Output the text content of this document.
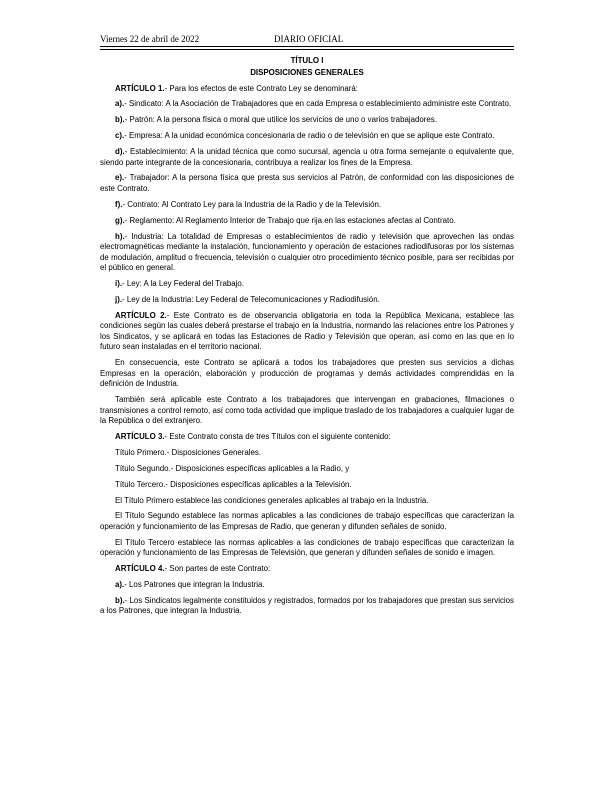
Viernes 22 de abril de 2022	DIARIO OFICIAL
TÍTULO I
DISPOSICIONES GENERALES
ARTÍCULO 1.- Para los efectos de este Contrato Ley se denominará:
a).- Sindicato: A la Asociación de Trabajadores que en cada Empresa o establecimiento administre este Contrato.
b).- Patrón: A la persona física o moral que utilice los servicios de uno o varios trabajadores.
c).- Empresa: A la unidad económica concesionaria de radio o de televisión en que se aplique este Contrato.
d).- Establecimiento: A la unidad técnica que como sucursal, agencia u otra forma semejante o equivalente que, siendo parte integrante de la concesionaria, contribuya a realizar los fines de la Empresa.
e).- Trabajador: A la persona física que presta sus servicios al Patrón, de conformidad con las disposiciones de este Contrato.
f).- Contrato: Al Contrato Ley para la Industria de la Radio y de la Televisión.
g).- Reglamento: Al Reglamento Interior de Trabajo que rija en las estaciones afectas al Contrato.
h).- Industria: La totalidad de Empresas o establecimientos de radio y televisión que aprovechen las ondas electromagnéticas mediante la instalación, funcionamiento y operación de estaciones radiodifusoras por los sistemas de modulación, amplitud o frecuencia, televisión o cualquier otro procedimiento técnico posible, para ser recibidas por el público en general.
i).- Ley: A la Ley Federal del Trabajo.
j).- Ley de la Industria: Ley Federal de Telecomunicaciones y Radiodifusión.
ARTÍCULO 2.- Este Contrato es de observancia obligatoria en toda la República Mexicana, establece las condiciones según las cuales deberá prestarse el trabajo en la Industria, normando las relaciones entre los Patrones y los Sindicatos, y se aplicará en todas las Estaciones de Radio y Televisión que operan, así como en las que en lo futuro sean instaladas en el territorio nacional.
En consecuencia, este Contrato se aplicará a todos los trabajadores que presten sus servicios a dichas Empresas en la operación, elaboración y producción de programas y demás actividades comprendidas en la definición de Industria.
También será aplicable este Contrato a los trabajadores que intervengan en grabaciones, filmaciones o transmisiones a control remoto, así como toda actividad que implique traslado de los trabajadores a cualquier lugar de la República o del extranjero.
ARTÍCULO 3.- Este Contrato consta de tres Títulos con el siguiente contenido:
Título Primero.- Disposiciones Generales.
Título Segundo.- Disposiciones específicas aplicables a la Radio, y
Título Tercero.- Disposiciones específicas aplicables a la Televisión.
El Título Primero establece las condiciones generales aplicables al trabajo en la Industria.
El Título Segundo establece las normas aplicables a las condiciones de trabajo específicas que caracterizan la operación y funcionamiento de las Empresas de Radio, que generan y difunden señales de sonido.
El Título Tercero establece las normas aplicables a las condiciones de trabajo específicas que caracterizan la operación y funcionamiento de las Empresas de Televisión, que generan y difunden señales de sonido e imagen.
ARTÍCULO 4.- Son partes de este Contrato:
a).- Los Patrones que integran la Industria.
b).- Los Sindicatos legalmente constituidos y registrados, formados por los trabajadores que prestan sus servicios a los Patrones, que integran la Industria.
